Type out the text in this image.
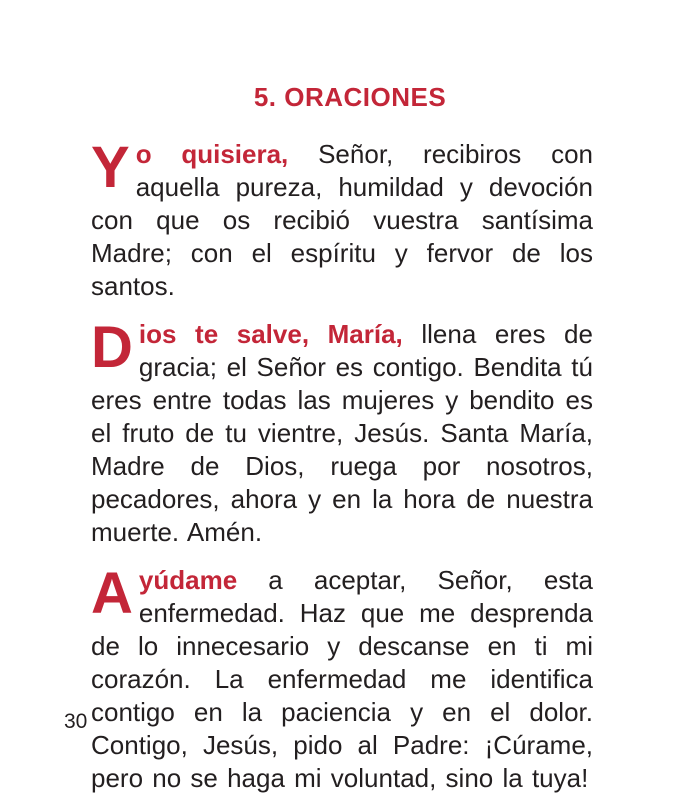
5. ORACIONES

Yo quisiera, Señor, recibiros con aquella pureza, humildad y devoción con que os recibió vuestra santísima Madre; con el espíritu y fervor de los santos.

Dios te salve, María, llena eres de gracia; el Señor es contigo. Bendita tú eres entre todas las mujeres y bendito es el fruto de tu vientre, Jesús. Santa María, Madre de Dios, ruega por nosotros, pecadores, ahora y en la hora de nuestra muerte. Amén.

Ayúdame a aceptar, Señor, esta enfermedad. Haz que me desprenda de lo innecesario y descanse en ti mi corazón. La enfermedad me identifica contigo en la paciencia y en el dolor. Contigo, Jesús, pido al Padre: ¡Cúrame, pero no se haga mi voluntad, sino la tuya!

30
